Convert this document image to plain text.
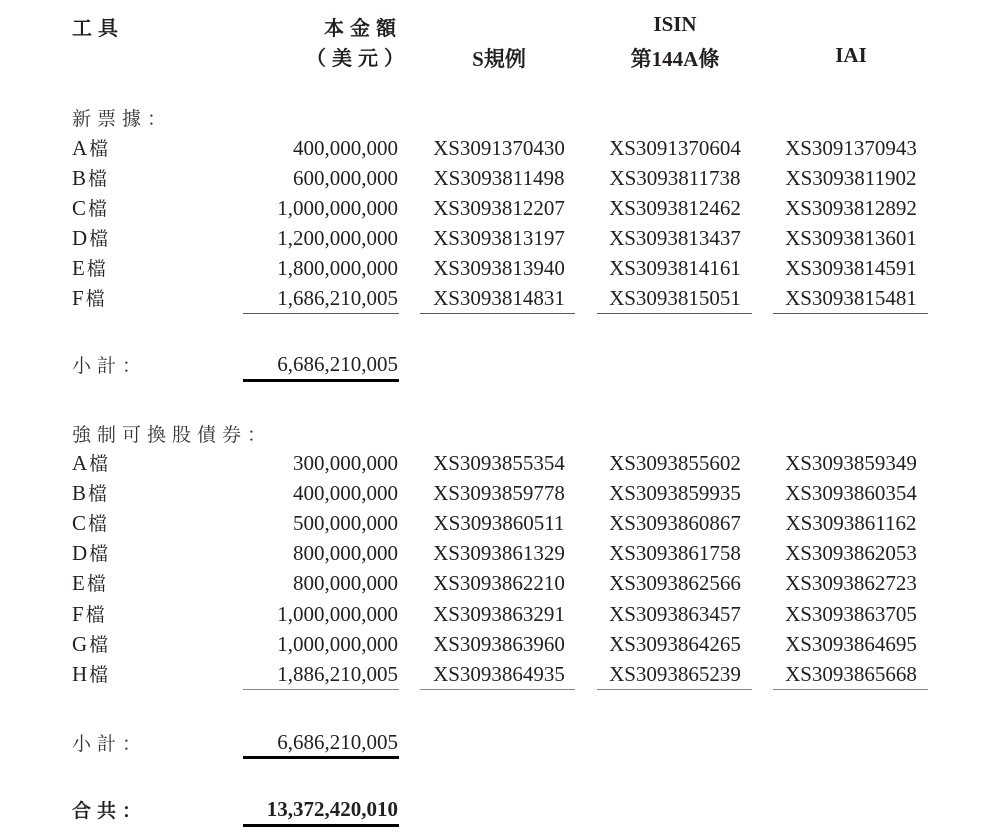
工具	本金額
（美元）
ISIN
S規例	第144A條	IAI
新票據：
A 檔	400,000,000	XS3091370430	XS3091370604	XS3091370943
B 檔	600,000,000	XS3093811498	XS3093811738	XS3093811902
C 檔	1,000,000,000	XS3093812207	XS3093812462	XS3093812892
D 檔	1,200,000,000	XS3093813197	XS3093813437	XS3093813601
E 檔	1,800,000,000	XS3093813940	XS3093814161	XS3093814591
F 檔	1,686,210,005	XS3093814831	XS3093815051	XS3093815481
小計：	6,686,210,005
強制可換股債券：
A 檔	300,000,000	XS3093855354	XS3093855602	XS3093859349
B 檔	400,000,000	XS3093859778	XS3093859935	XS3093860354
C 檔	500,000,000	XS3093860511	XS3093860867	XS3093861162
D 檔	800,000,000	XS3093861329	XS3093861758	XS3093862053
E 檔	800,000,000	XS3093862210	XS3093862566	XS3093862723
F 檔	1,000,000,000	XS3093863291	XS3093863457	XS3093863705
G 檔	1,000,000,000	XS3093863960	XS3093864265	XS3093864695
H 檔	1,886,210,005	XS3093864935	XS3093865239	XS3093865668
小計：	6,686,210,005
合共：	13,372,420,010
